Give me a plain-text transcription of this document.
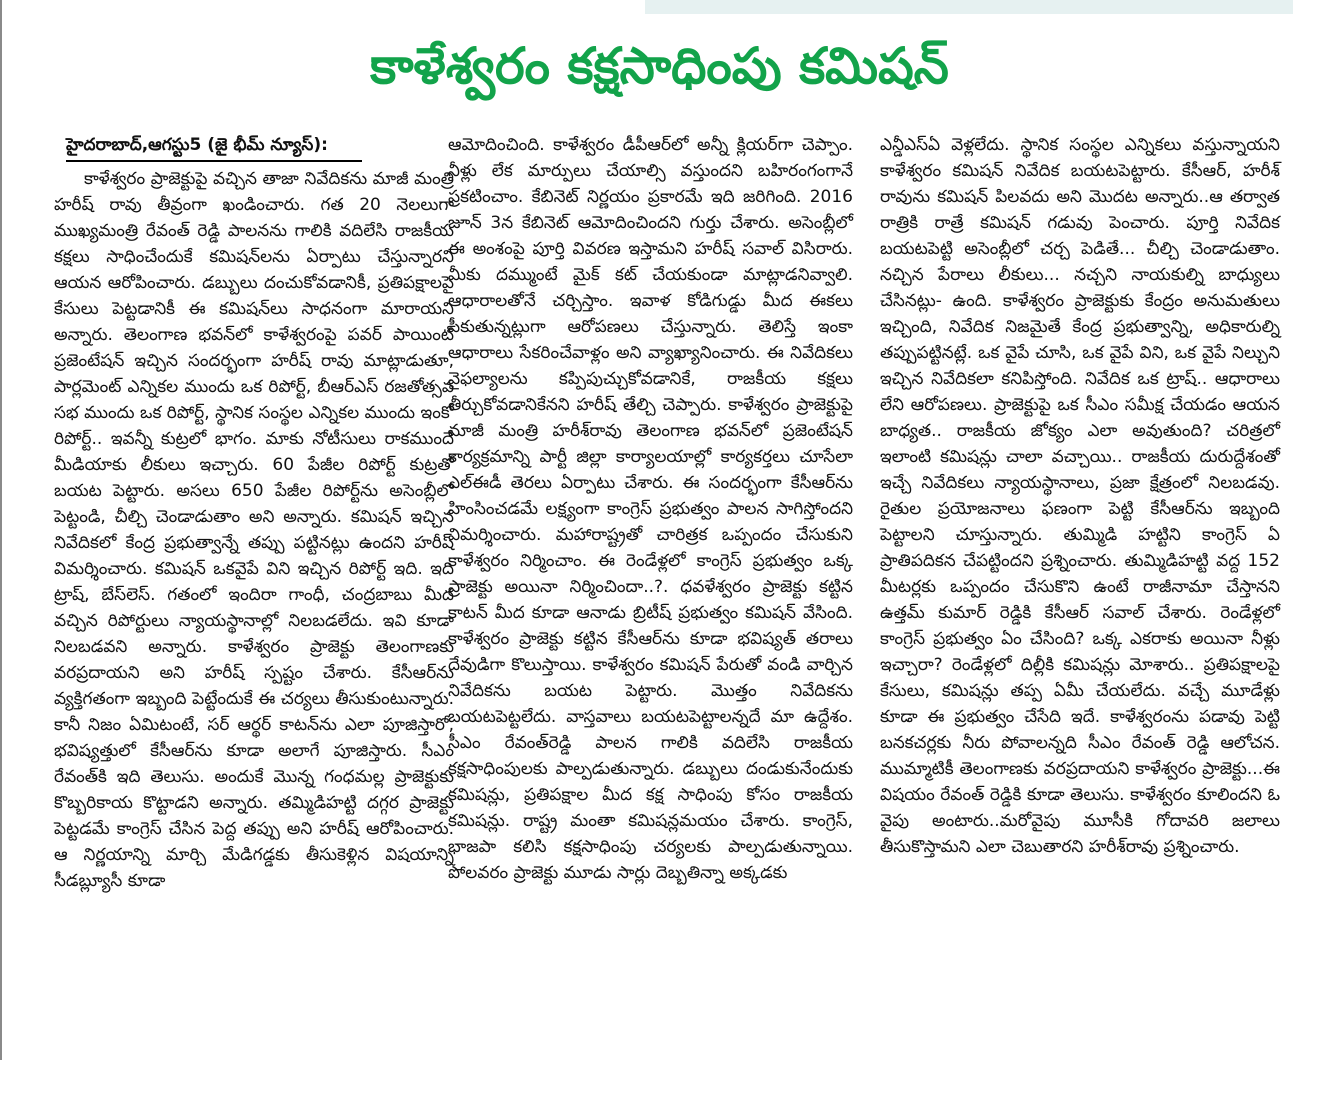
కాళేశ్వరం కక్షసాధింపు కమిషన్
హైదరాబాద్,ఆగస్టు5 (జై భీమ్ న్యూస్):

కాళేశ్వరం ప్రాజెక్టుపై వచ్చిన తాజా నివేదికను మాజీ మంత్రి హరీష్ రావు తీవ్రంగా ఖండించారు. గత 20 నెలలుగా ముఖ్యమంత్రి రేవంత్ రెడ్డి పాలనను గాలికి వదిలేసి రాజకీయ కక్షలు సాధించేందుకే కమిషన్‌లను ఏర్పాటు చేస్తున్నారని ఆయన ఆరోపించారు. డబ్బులు దంచుకోవడానికీ, ప్రతిపక్షాలపై కేసులు పెట్టడానికీ ఈ కమిషన్‌లు సాధనంగా మారాయని అన్నారు. తెలంగాణ భవన్‌లో కాళేశ్వరంపై పవర్ పాయింట్ ప్రజెంటేషన్ ఇచ్చిన సందర్భంగా హరీష్ రావు మాట్లాడుతూ, పార్లమెంట్ ఎన్నికల ముందు ఒక రిపోర్ట్, బీఆర్ఎస్ రజతోత్సవ సభ ముందు ఒక రిపోర్ట్, స్థానిక సంస్థల ఎన్నికల ముందు ఇంకో రిపోర్ట్.. ఇవన్నీ కుట్రలో భాగం. మాకు నోటీసులు రాకముందే మీడియాకు లీకులు ఇచ్చారు. 60 పేజీల రిపోర్ట్ కుట్రతో బయట పెట్టారు. అసలు 650 పేజీల రిపోర్ట్‌ను అసెంబ్లీలో పెట్టండి, చీల్చి చెండాడుతాం అని అన్నారు. కమిషన్ ఇచ్చిన నివేదికలో కేంద్ర ప్రభుత్వాన్నే తప్పు పట్టినట్లు ఉందని హరీష్ విమర్శించారు. కమిషన్ ఒకవైపే విని ఇచ్చిన రిపోర్ట్ ఇది. ఇది ట్రాష్, బేస్‌లెస్. గతంలో ఇందిరా గాంధీ, చంద్రబాబు మీద వచ్చిన రిపోర్టులు న్యాయస్థానాల్లో నిలబడలేదు. ఇవి కూడా నిలబడవని అన్నారు. కాళేశ్వరం ప్రాజెక్టు తెలంగాణకు వరప్రదాయని అని హరీష్ స్పష్టం చేశారు. కేసీఆర్‌ను వ్యక్తిగతంగా ఇబ్బంది పెట్టేందుకే ఈ చర్యలు తీసుకుంటున్నారు. కానీ నిజం ఏమిటంటే, సర్ ఆర్థర్ కాటన్‌ను ఎలా పూజిస్తారో, భవిష్యత్తులో కేసీఆర్‌ను కూడా అలాగే పూజిస్తారు. సీఎం రేవంత్‌కి ఇది తెలుసు. అందుకే మొన్న గంధమల్ల ప్రాజెక్టుకు కొబ్బరికాయ కొట్టాడని అన్నారు. తమ్మిడిహట్టి దగ్గర ప్రాజెక్టు పెట్టడమే కాంగ్రెస్ చేసిన పెద్ద తప్పు అని హరీష్ ఆరోపించారు. ఆ నిర్ణయాన్ని మార్చి మేడిగడ్డకు తీసుకెళ్లిన విషయాన్ని సీడబ్ల్యూసీ కూడా

ఆమోదించింది. కాళేశ్వరం డీపీఆర్‌లో అన్నీ క్లియర్‌గా చెప్పాం. నీళ్లు లేక మార్పులు చేయాల్సి వస్తుందని బహిరంగంగానే ప్రకటించాం. కేబినెట్ నిర్ణయం ప్రకారమే ఇది జరిగింది. 2016 జూన్ 3న కేబినెట్ ఆమోదించిందని గుర్తు చేశారు. అసెంబ్లీలో ఈ అంశంపై పూర్తి వివరణ ఇస్తామని హరీష్ సవాల్ విసిరారు. మీకు దమ్ముంటే మైక్ కట్ చేయకుండా మాట్లాడనివ్వాలి. ఆధారాలతోనే చర్చిస్తాం. ఇవాళ కోడిగుడ్డు మీద ఈకలు పీకుతున్నట్లుగా ఆరోపణలు చేస్తున్నారు. తెలిస్తే ఇంకా ఆధారాలు సేకరించేవాళ్లం అని వ్యాఖ్యానించారు. ఈ నివేదికలు వైఫల్యాలను కప్పిపుచ్చుకోవడానికే, రాజకీయ కక్షలు తీర్చుకోవడానికేనని హరీష్ తేల్చి చెప్పారు. కాళేశ్వరం ప్రాజెక్టుపై మాజీ మంత్రి హరీశ్‌రావు తెలంగాణ భవన్‌లో ప్రజెంటేషన్ కార్యక్రమాన్ని పార్టీ జిల్లా కార్యాలయాల్లో కార్యకర్తలు చూసేలా ఎల్‌ఈడీ తెరలు ఏర్పాటు చేశారు. ఈ సందర్భంగా కేసీఆర్‌ను హింసించడమే లక్ష్యంగా కాంగ్రెస్ ప్రభుత్వం పాలన సాగిస్తోందని విమర్శించారు. మహారాష్ట్రతో చారిత్రక ఒప్పందం చేసుకుని కాళేశ్వరం నిర్మించాం. ఈ రెండేళ్లలో కాంగ్రెస్ ప్రభుత్వం ఒక్క ప్రాజెక్టు అయినా నిర్మించిందా..?. ధవళేశ్వరం ప్రాజెక్టు కట్టిన కాటన్ మీద కూడా ఆనాడు బ్రిటీష్ ప్రభుత్వం కమిషన్ వేసింది. కాళేశ్వరం ప్రాజెక్టు కట్టిన కేసీఆర్‌ను కూడా భవిష్యత్ తరాలు దేవుడిగా కొలుస్తాయి. కాళేశ్వరం కమిషన్ పేరుతో వండి వార్చిన నివేదికను బయట పెట్టారు. మొత్తం నివేదికను బయటపెట్టలేదు. వాస్తవాలు బయటపెట్టాలన్నదే మా ఉద్దేశం. సీఎం రేవంత్‌రెడ్డి పాలన గాలికి వదిలేసి రాజకీయ కక్షసాధింపులకు పాల్పడుతున్నారు. డబ్బులు దండుకునేందుకు కమిషన్లు, ప్రతిపక్షాల మీద కక్ష సాధింపు కోసం రాజకీయ కమిషన్లు. రాష్ట్ర మంతా కమిషన్లమయం చేశారు. కాంగ్రెస్, భాజపా కలిసి కక్షసాధింపు చర్యలకు పాల్పడుతున్నాయి. పోలవరం ప్రాజెక్టు మూడు సార్లు దెబ్బతిన్నా అక్కడకు

ఎన్డీఎస్ఏ వెళ్లలేదు. స్థానిక సంస్థల ఎన్నికలు వస్తున్నాయని కాళేశ్వరం కమిషన్ నివేదిక బయటపెట్టారు. కేసీఆర్, హరీశ్ రావును కమిషన్ పిలవదు అని మొదట అన్నారు..ఆ తర్వాత రాత్రికి రాత్రే కమిషన్ గడువు పెంచారు. పూర్తి నివేదిక బయటపెట్టి అసెంబ్లీలో చర్చ పెడితే... చీల్చి చెండాడుతాం. నచ్చిన పేరాలు లీకులు... నచ్చని నాయకుల్ని బాధ్యులు చేసినట్లు- ఉంది. కాళేశ్వరం ప్రాజెక్టుకు కేంద్రం అనుమతులు ఇచ్చింది, నివేదిక నిజమైతే కేంద్ర ప్రభుత్వాన్ని, అధికారుల్ని తప్పుపట్టినట్లే. ఒక వైపే చూసి, ఒక వైపే విని, ఒక వైపే నిల్చుని ఇచ్చిన నివేదికలా కనిపిస్తోంది. నివేదిక ఒక ట్రాష్.. ఆధారాలు లేని ఆరోపణలు. ప్రాజెక్టుపై ఒక సీఎం సమీక్ష చేయడం ఆయన బాధ్యత.. రాజకీయ జోక్యం ఎలా అవుతుంది? చరిత్రలో ఇలాంటి కమిషన్లు చాలా వచ్చాయి.. రాజకీయ దురుద్దేశంతో ఇచ్చే నివేదికలు న్యాయస్థానాలు, ప్రజా క్షేత్రంలో నిలబడవు. రైతుల ప్రయోజనాలు ఫణంగా పెట్టి కేసీఆర్‌ను ఇబ్బంది పెట్టాలని చూస్తున్నారు. తుమ్మిడి హట్టిని కాంగ్రెస్ ఏ ప్రాతిపదికన చేపట్టిందని ప్రశ్నించారు. తుమ్మిడిహట్టి వద్ద 152 మీటర్లకు ఒప్పందం చేసుకొని ఉంటే రాజీనామా చేస్తానని ఉత్తమ్ కుమార్ రెడ్డికి కేసీఆర్ సవాల్ చేశారు. రెండేళ్లలో కాంగ్రెస్ ప్రభుత్వం ఏం చేసింది? ఒక్క ఎకరాకు అయినా నీళ్లు ఇచ్చారా? రెండేళ్లలో దిల్లీకి కమిషన్లు మోశారు.. ప్రతిపక్షాలపై కేసులు, కమిషన్లు తప్ప ఏమీ చేయలేదు. వచ్చే మూడేళ్లు కూడా ఈ ప్రభుత్వం చేసేది ఇదే. కాళేశ్వరంను పడావు పెట్టి బనకచర్లకు నీరు పోవాలన్నది సీఎం రేవంత్ రెడ్డి ఆలోచన. ముమ్మాటికీ తెలంగాణకు వరప్రదాయని కాళేశ్వరం ప్రాజెక్టు...ఈ విషయం రేవంత్ రెడ్డికి కూడా తెలుసు. కాళేశ్వరం కూలిందని ఓ వైపు అంటారు..మరోవైపు మూసీకి గోదావరి జలాలు తీసుకొస్తామని ఎలా చెబుతారని హరీశ్‌రావు ప్రశ్నించారు.
